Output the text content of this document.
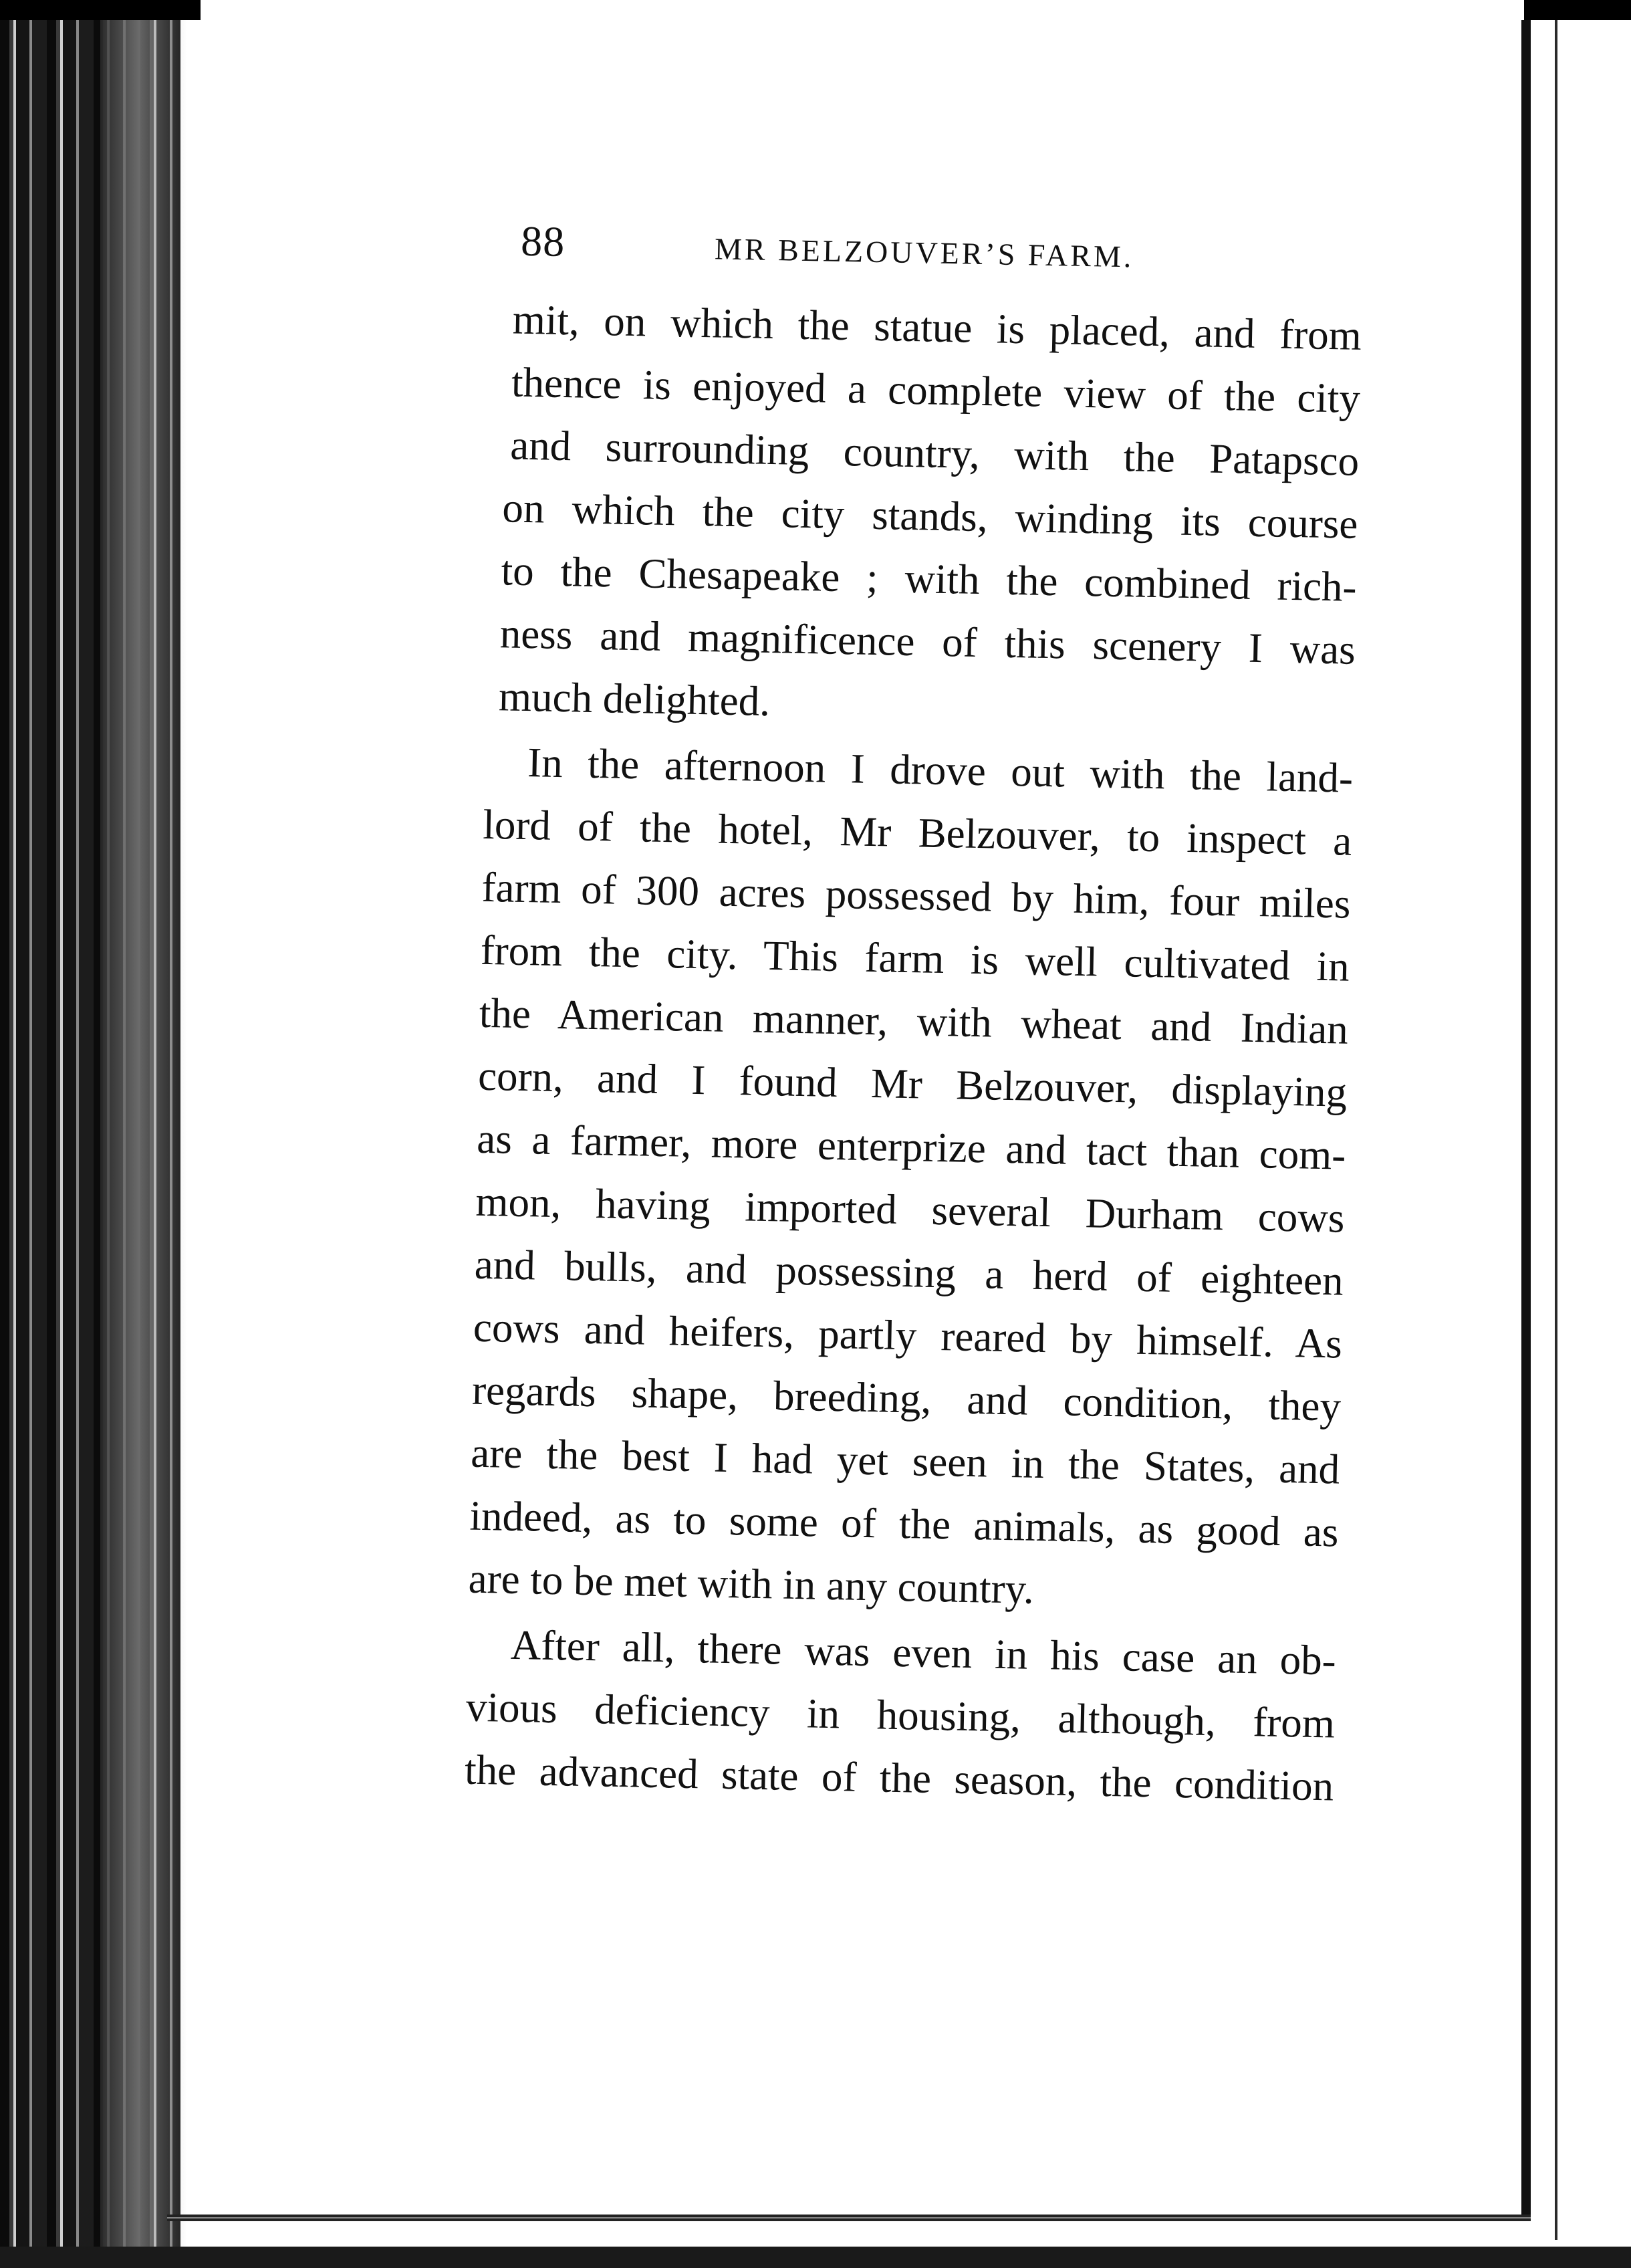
88	MR BELZOUVER’S FARM.
mit, on which the statue is placed, and from
thence is enjoyed a complete view of the city
and surrounding country, with the Patapsco
on which the city stands, winding its course
to the Chesapeake ; with the combined rich-
ness and magnificence of this scenery I was
much delighted.
In the afternoon I drove out with the land-
lord of the hotel, Mr Belzouver, to inspect a
farm of 300 acres possessed by him, four miles
from the city. This farm is well cultivated in
the American manner, with wheat and Indian
corn, and I found Mr Belzouver, displaying
as a farmer, more enterprize and tact than com-
mon, having imported several Durham cows
and bulls, and possessing a herd of eighteen
cows and heifers, partly reared by himself. As
regards shape, breeding, and condition, they
are the best I had yet seen in the States, and
indeed, as to some of the animals, as good as
are to be met with in any country.
After all, there was even in his case an ob-
vious deficiency in housing, although, from
the advanced state of the season, the condition
